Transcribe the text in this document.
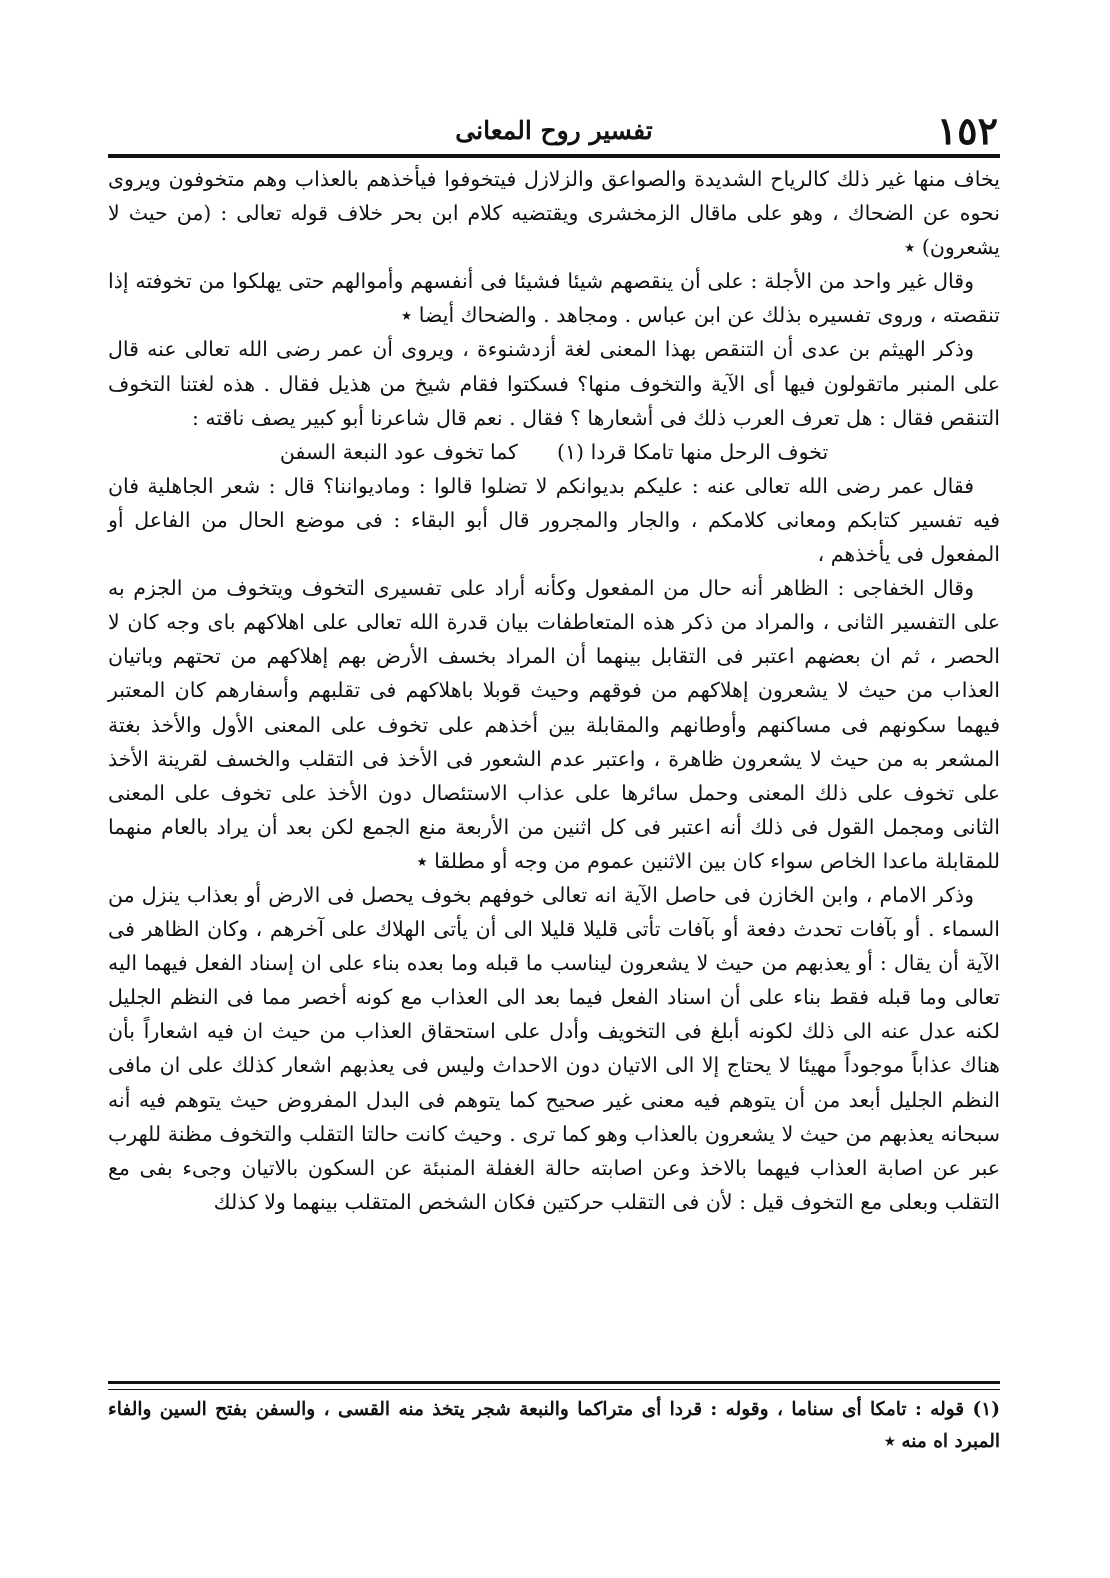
١٥٢
تفسير روح المعانى

يخاف منها غير ذلك كالرياح الشديدة والصواعق والزلازل فيتخوفوا فيأخذهم بالعذاب وهم متخوفون ويروى نحوه عن الضحاك ، وهو على ماقال الزمخشرى ويقتضيه كلام ابن بحر خلاف قوله تعالى : (من حيث لا يشعرون) ٭

وقال غير واحد من الأجلة : على أن ينقصهم شيئا فشيئا فى أنفسهم وأموالهم حتى يهلكوا من تخوفته إذا تنقصته ، وروى تفسيره بذلك عن ابن عباس . ومجاهد . والضحاك أيضا ٭

وذكر الهيثم بن عدى أن التنقص بهذا المعنى لغة أزدشنوءة ، ويروى أن عمر رضى الله تعالى عنه قال على المنبر ماتقولون فيها أى الآية والتخوف منها؟ فسكتوا فقام شيخ من هذيل فقال . هذه لغتنا التخوف التنقص فقال : هل تعرف العرب ذلك فى أشعارها ؟ فقال . نعم قال شاعرنا أبو كبير يصف ناقته :

تخوف الرحل منها تامكا قردا (١)      كما تخوف عود النبعة السفن

فقال عمر رضى الله تعالى عنه : عليكم بديوانكم لا تضلوا قالوا : وماديواننا؟ قال : شعر الجاهلية فان فيه تفسير كتابكم ومعانى كلامكم ، والجار والمجرور قال أبو البقاء : فى موضع الحال من الفاعل أو المفعول فى يأخذهم ،

وقال الخفاجى : الظاهر أنه حال من المفعول وكأنه أراد على تفسيرى التخوف ويتخوف من الجزم به على التفسير الثانى ، والمراد من ذكر هذه المتعاطفات بيان قدرة الله تعالى على اهلاكهم باى وجه كان لا الحصر ، ثم ان بعضهم اعتبر فى التقابل بينهما أن المراد بخسف الأرض بهم إهلاكهم من تحتهم وباتيان العذاب من حيث لا يشعرون إهلاكهم من فوقهم وحيث قوبلا باهلاكهم فى تقلبهم وأسفارهم كان المعتبر فيهما سكونهم فى مساكنهم وأوطانهم والمقابلة بين أخذهم على تخوف على المعنى الأول والأخذ بغتة المشعر به من حيث لا يشعرون ظاهرة ، واعتبر عدم الشعور فى الأخذ فى التقلب والخسف لقرينة الأخذ على تخوف على ذلك المعنى وحمل سائرها على عذاب الاستئصال دون الأخذ على تخوف على المعنى الثانى ومجمل القول فى ذلك أنه اعتبر فى كل اثنين من الأربعة منع الجمع لكن بعد أن يراد بالعام منهما للمقابلة ماعدا الخاص سواء كان بين الاثنين عموم من وجه أو مطلقا ٭

وذكر الامام ، وابن الخازن فى حاصل الآية انه تعالى خوفهم بخوف يحصل فى الارض أو بعذاب ينزل من السماء . أو بآفات تحدث دفعة أو بآفات تأتى قليلا قليلا الى أن يأتى الهلاك على آخرهم ، وكان الظاهر فى الآية أن يقال : أو يعذبهم من حيث لا يشعرون ليناسب ما قبله وما بعده بناء على ان إسناد الفعل فيهما اليه تعالى وما قبله فقط بناء على أن اسناد الفعل فيما بعد الى العذاب مع كونه أخصر مما فى النظم الجليل لكنه عدل عنه الى ذلك لكونه أبلغ فى التخويف وأدل على استحقاق العذاب من حيث ان فيه اشعاراً بأن هناك عذاباً موجوداً مهيئا لا يحتاج إلا الى الاتيان دون الاحداث وليس فى يعذبهم اشعار كذلك على ان مافى النظم الجليل أبعد من أن يتوهم فيه معنى غير صحيح كما يتوهم فى البدل المفروض حيث يتوهم فيه أنه سبحانه يعذبهم من حيث لا يشعرون بالعذاب وهو كما ترى . وحيث كانت حالتا التقلب والتخوف مظنة للهرب عبر عن اصابة العذاب فيهما بالاخذ وعن اصابته حالة الغفلة المنبئة عن السكون بالاتيان وجىء بفى مع التقلب وبعلى مع التخوف قيل : لأن فى التقلب حركتين فكان الشخص المتقلب بينهما ولا كذلك

(١) قوله : تامكا أى سناما ، وقوله : قردا أى متراكما والنبعة شجر يتخذ منه القسى ، والسفن بفتح السين والفاء المبرد اه منه ٭
